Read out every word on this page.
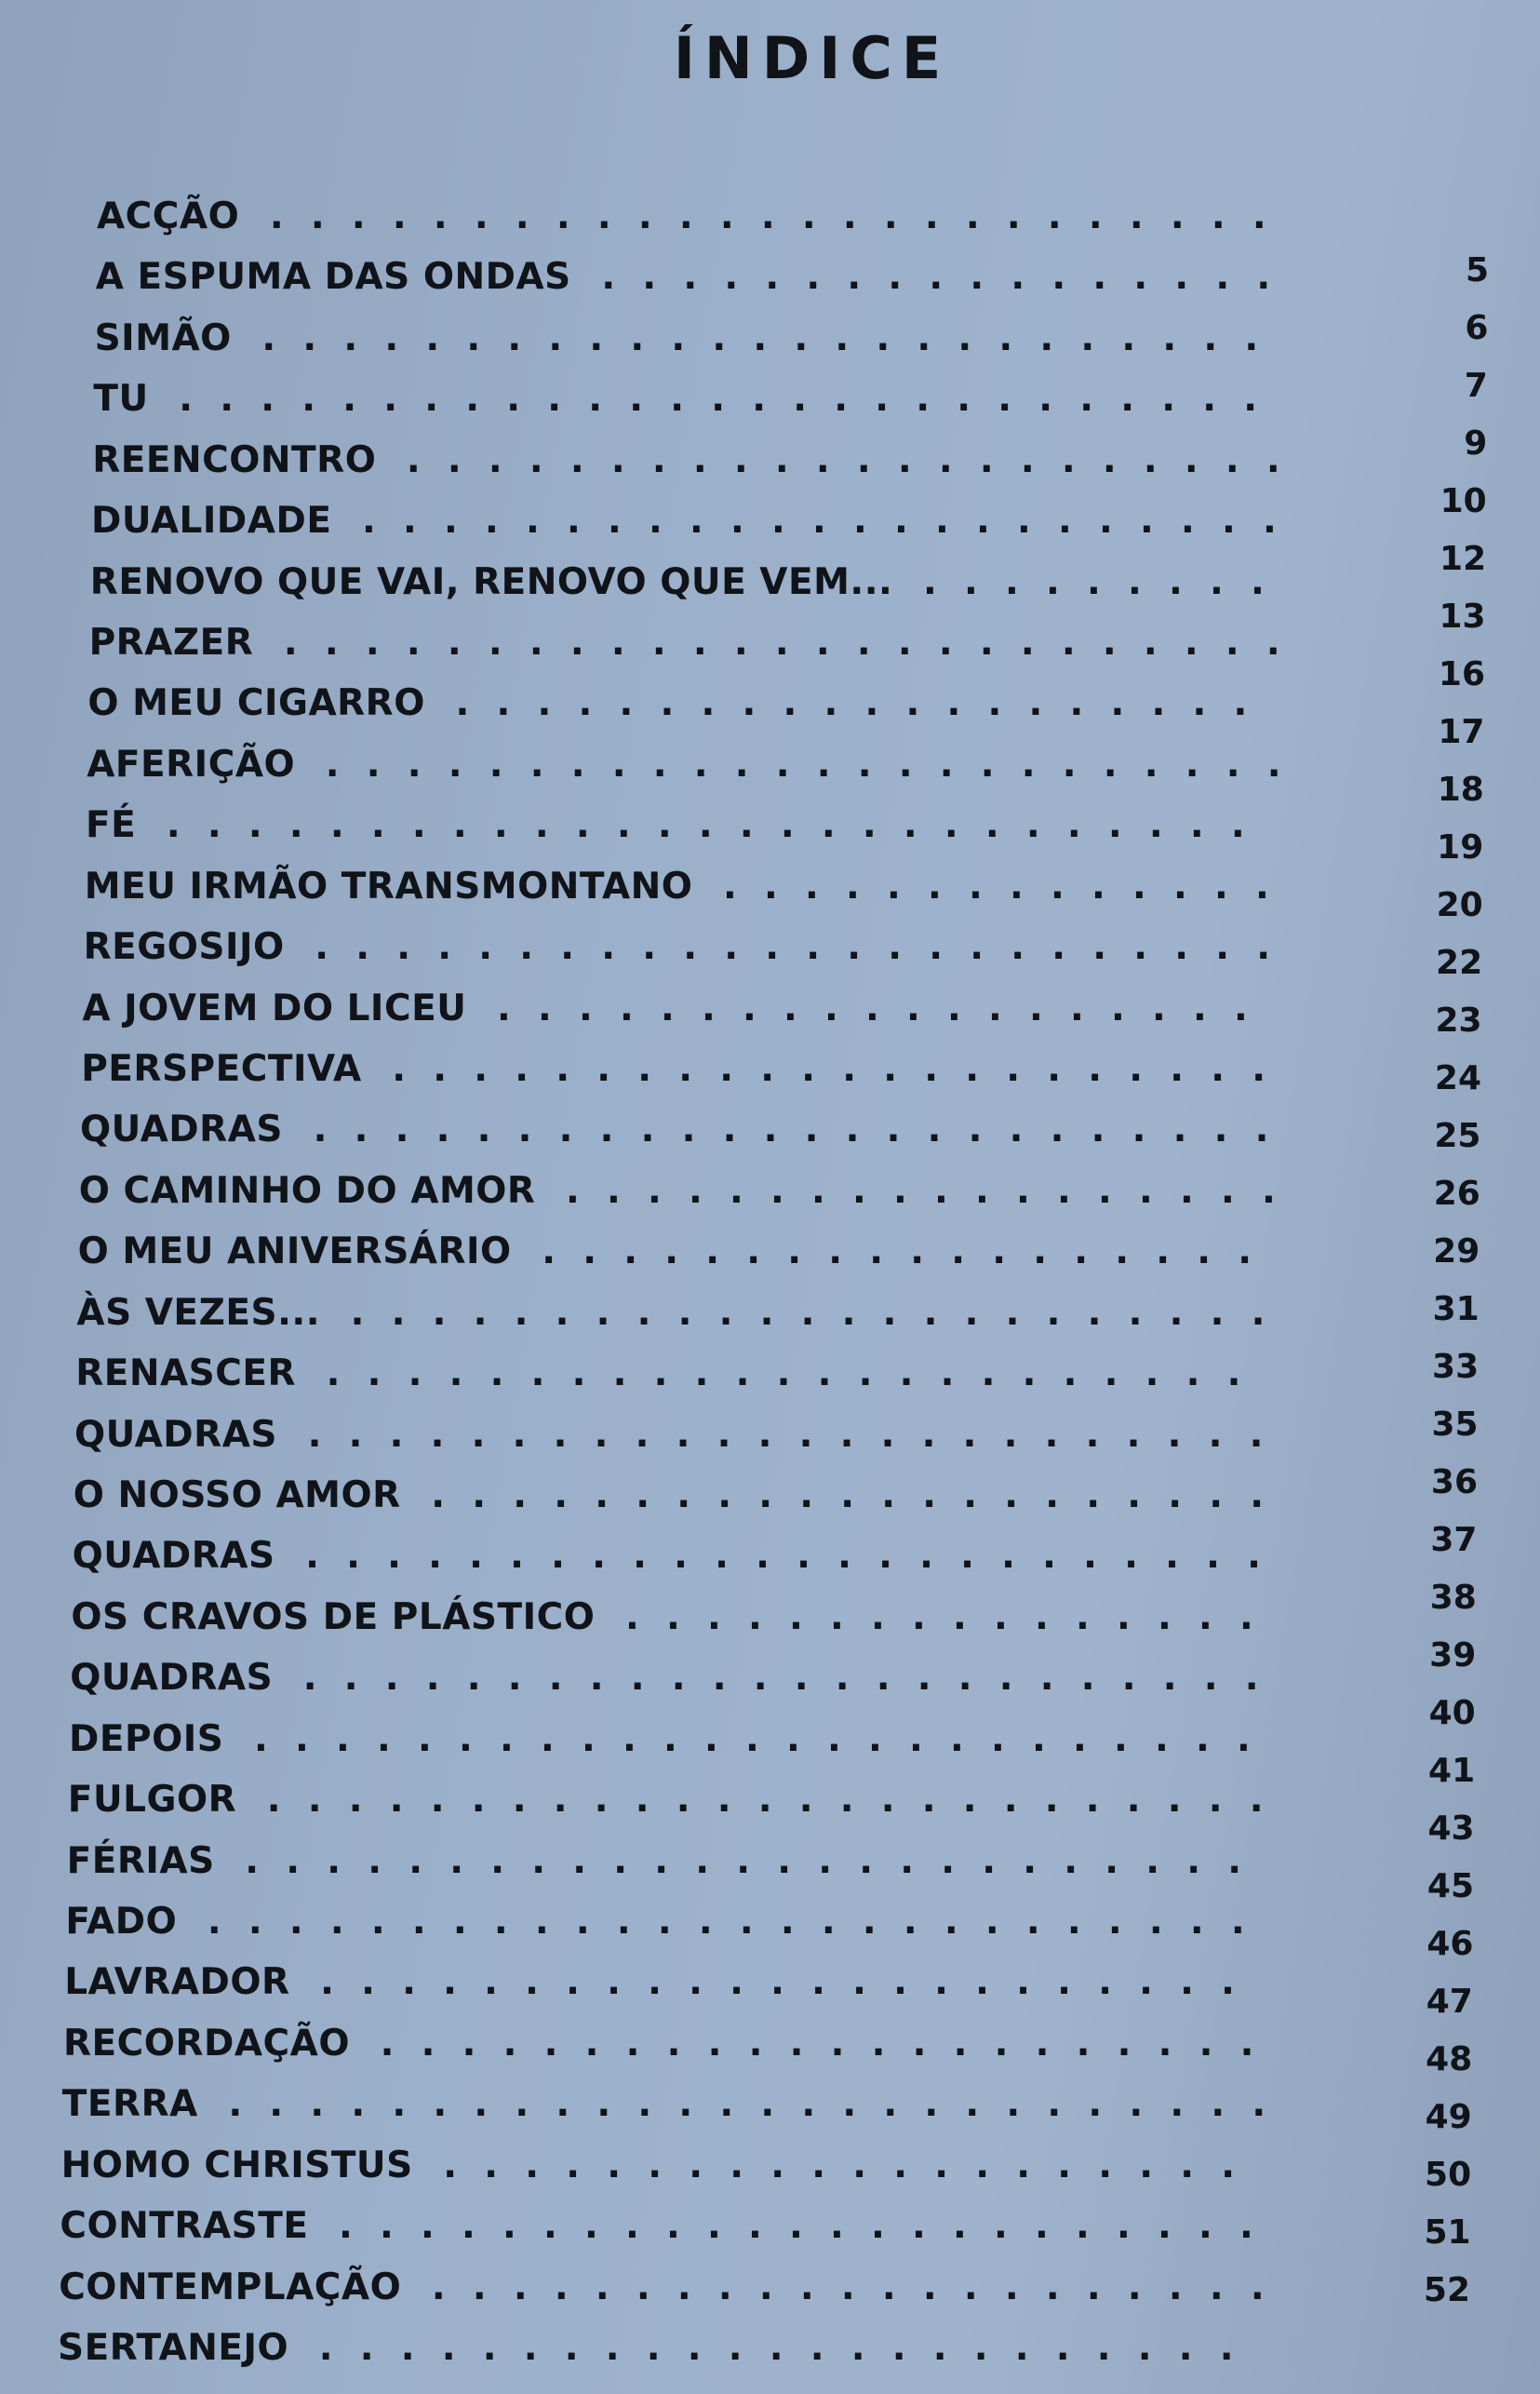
ÍNDICE
ACÇÃO . . . . . . . . . . . . . . . . . . . . . . . . .
A ESPUMA DAS ONDAS . . . . . . . . . . . . . . . . .
SIMÃO . . . . . . . . . . . . . . . . . . . . . . . . .
TU . . . . . . . . . . . . . . . . . . . . . . . . . . .
REENCONTRO . . . . . . . . . . . . . . . . . . . . . .
DUALIDADE . . . . . . . . . . . . . . . . . . . . . . .
RENOVO QUE VAI, RENOVO QUE VEM... . . . . . . . . .
PRAZER . . . . . . . . . . . . . . . . . . . . . . . . .
O MEU CIGARRO . . . . . . . . . . . . . . . . . . . .
AFERIÇÃO . . . . . . . . . . . . . . . . . . . . . . . .
FÉ . . . . . . . . . . . . . . . . . . . . . . . . . . .
MEU IRMÃO TRANSMONTANO . . . . . . . . . . . . . .
REGOSIJO . . . . . . . . . . . . . . . . . . . . . . . .
A JOVEM DO LICEU . . . . . . . . . . . . . . . . . . .
PERSPECTIVA . . . . . . . . . . . . . . . . . . . . . .
QUADRAS . . . . . . . . . . . . . . . . . . . . . . . .
O CAMINHO DO AMOR . . . . . . . . . . . . . . . . . .
O MEU ANIVERSÁRIO . . . . . . . . . . . . . . . . . .
ÀS VEZES... . . . . . . . . . . . . . . . . . . . . . . .
RENASCER . . . . . . . . . . . . . . . . . . . . . . .
QUADRAS . . . . . . . . . . . . . . . . . . . . . . . .
O NOSSO AMOR . . . . . . . . . . . . . . . . . . . . .
QUADRAS . . . . . . . . . . . . . . . . . . . . . . . .
OS CRAVOS DE PLÁSTICO . . . . . . . . . . . . . . . .
QUADRAS . . . . . . . . . . . . . . . . . . . . . . . .
DEPOIS . . . . . . . . . . . . . . . . . . . . . . . . .
FULGOR . . . . . . . . . . . . . . . . . . . . . . . . .
FÉRIAS . . . . . . . . . . . . . . . . . . . . . . . . .
FADO . . . . . . . . . . . . . . . . . . . . . . . . . .
LAVRADOR . . . . . . . . . . . . . . . . . . . . . . .
RECORDAÇÃO . . . . . . . . . . . . . . . . . . . . . .
TERRA . . . . . . . . . . . . . . . . . . . . . . . . . .
HOMO CHRISTUS . . . . . . . . . . . . . . . . . . . .
CONTRASTE . . . . . . . . . . . . . . . . . . . . . . .
CONTEMPLAÇÃO . . . . . . . . . . . . . . . . . . . . .
SERTANEJO . . . . . . . . . . . . . . . . . . . . . . .
5
6
7
9
10
12
13
16
17
18
19
20
22
23
24
25
26
29
31
33
35
36
37
38
39
40
41
43
45
46
47
48
49
50
51
52
